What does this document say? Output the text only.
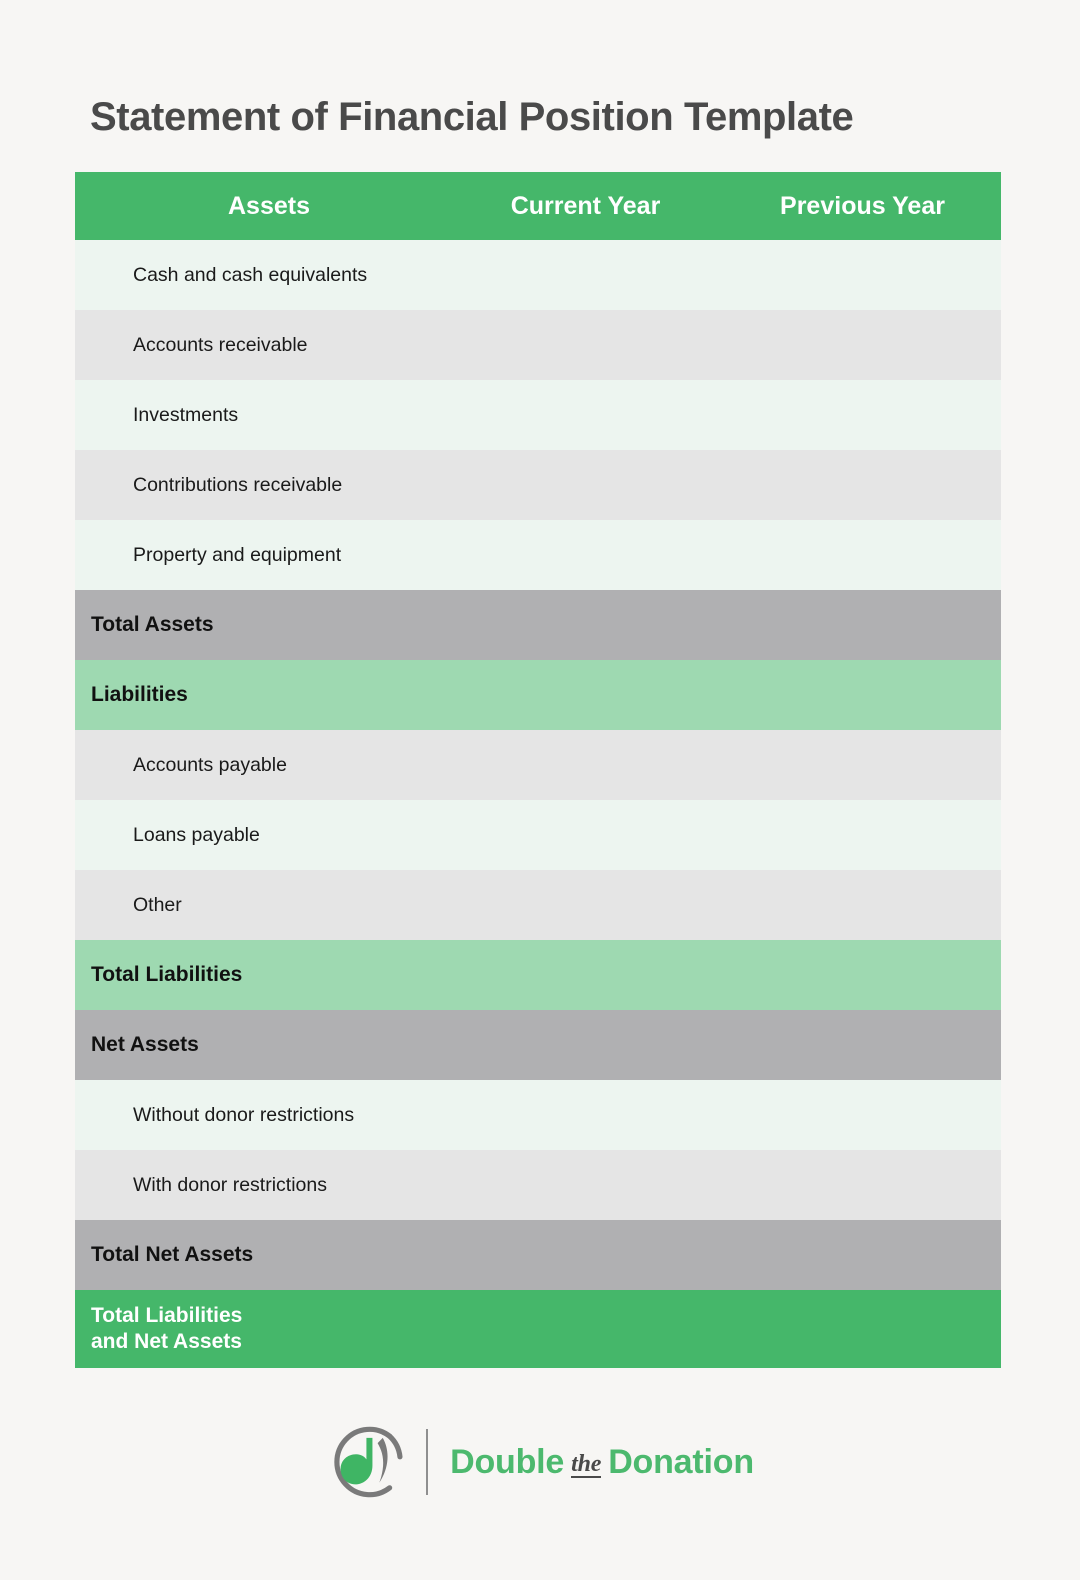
Statement of Financial Position Template
Assets	Current Year	Previous Year
Cash and cash equivalents		
Accounts receivable		
Investments		
Contributions receivable		
Property and equipment		
Total Assets		
Liabilities		
Accounts payable		
Loans payable		
Other		
Total Liabilities		
Net Assets		
Without donor restrictions		
With donor restrictions		
Total Net Assets		
Total Liabilities
and Net Assets		

Double the Donation
